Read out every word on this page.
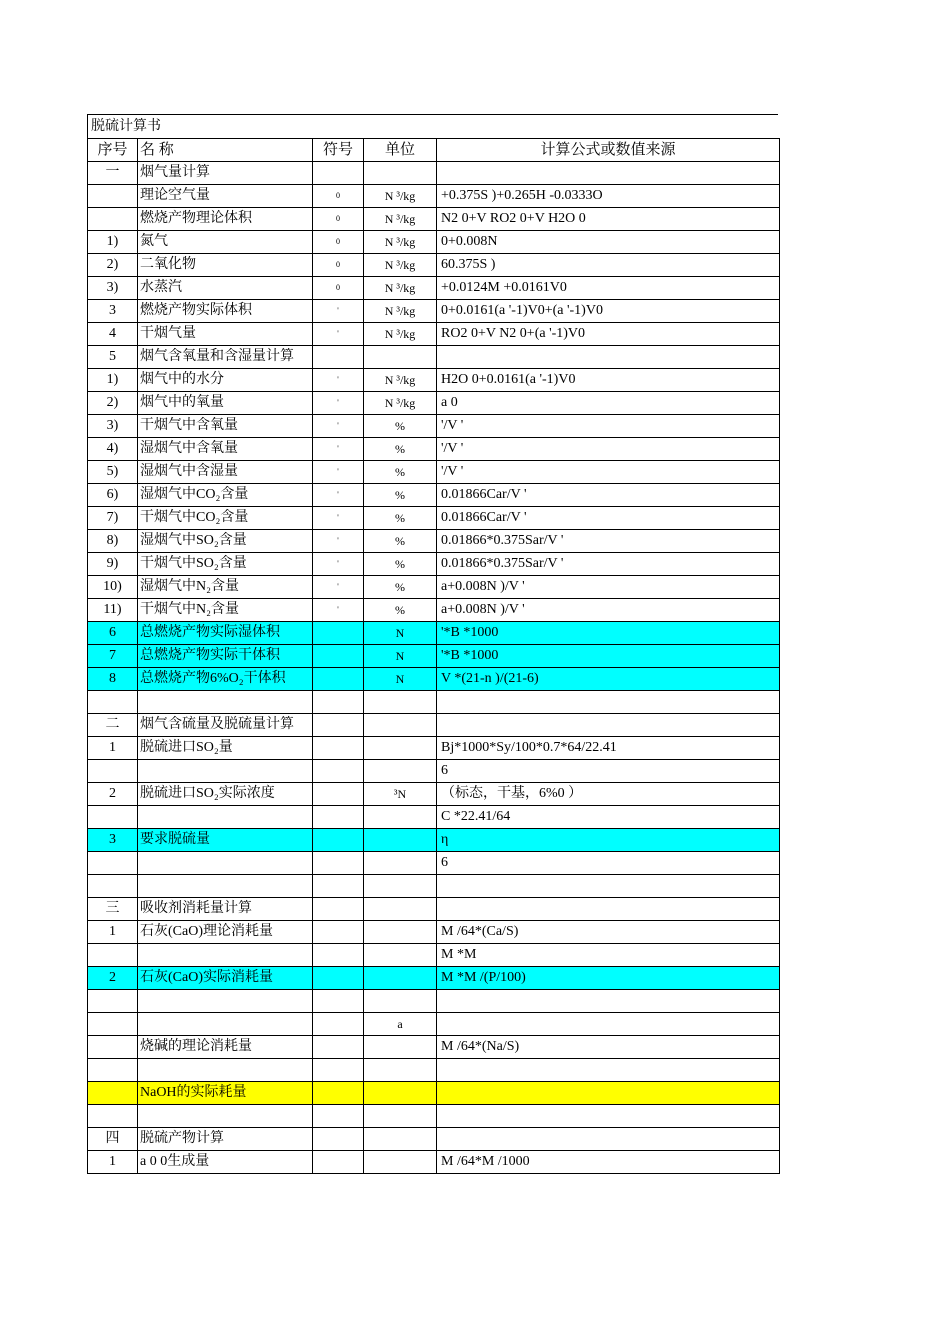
脱硫计算书
序号	名 称	符号	单位	计算公式或数值来源
一	烟气量计算			
	理论空气量	0	N ³/kg	+0.375S )+0.265H -0.0333O
	燃烧产物理论体积	0	N ³/kg	N2 0+V RO2 0+V H2O 0
1)	氮气	0	N ³/kg	0+0.008N
2)	二氧化物	0	N ³/kg	60.375S )
3)	水蒸汽	0	N ³/kg	+0.0124M +0.0161V0
3	燃烧产物实际体积	'	N ³/kg	0+0.0161(a '-1)V0+(a '-1)V0
4	干烟气量	'	N ³/kg	RO2 0+V N2 0+(a '-1)V0
5	烟气含氧量和含湿量计算			
1)	烟气中的水分	'	N ³/kg	H2O 0+0.0161(a '-1)V0
2)	烟气中的氧量	'	N ³/kg	a 0
3)	干烟气中含氧量	'	%	'/V '
4)	湿烟气中含氧量	'	%	'/V '
5)	湿烟气中含湿量	'	%	'/V '
6)	湿烟气中CO₂含量	'	%	0.01866Car/V '
7)	干烟气中CO₂含量	'	%	0.01866Car/V '
8)	湿烟气中SO₂含量	'	%	0.01866*0.375Sar/V '
9)	干烟气中SO₂含量	'	%	0.01866*0.375Sar/V '
10)	湿烟气中N₂含量	'	%	a+0.008N )/V '
11)	干烟气中N₂含量	'	%	a+0.008N )/V '
6	总燃烧产物实际湿体积		N	'*B *1000
7	总燃烧产物实际干体积		N	'*B *1000
8	总燃烧产物6%O₂干体积		N	V *(21-n )/(21-6)

二	烟气含硫量及脱硫量计算			
1	脱硫进口SO₂量			Bj*1000*Sy/100*0.7*64/22.41
				6
2	脱硫进口SO₂实际浓度		³N	（标态，干基，6%0 ）
				C *22.41/64
3	要求脱硫量			η
				6

三	吸收剂消耗量计算			
1	石灰(CaO)理论消耗量			M /64*(Ca/S)
				M *M
2	石灰(CaO)实际消耗量			M *M /(P/100)

			a	
	烧碱的理论消耗量			M /64*(Na/S)

	NaOH的实际耗量			

四	脱硫产物计算			
1	a 0 0生成量			M /64*M /1000
